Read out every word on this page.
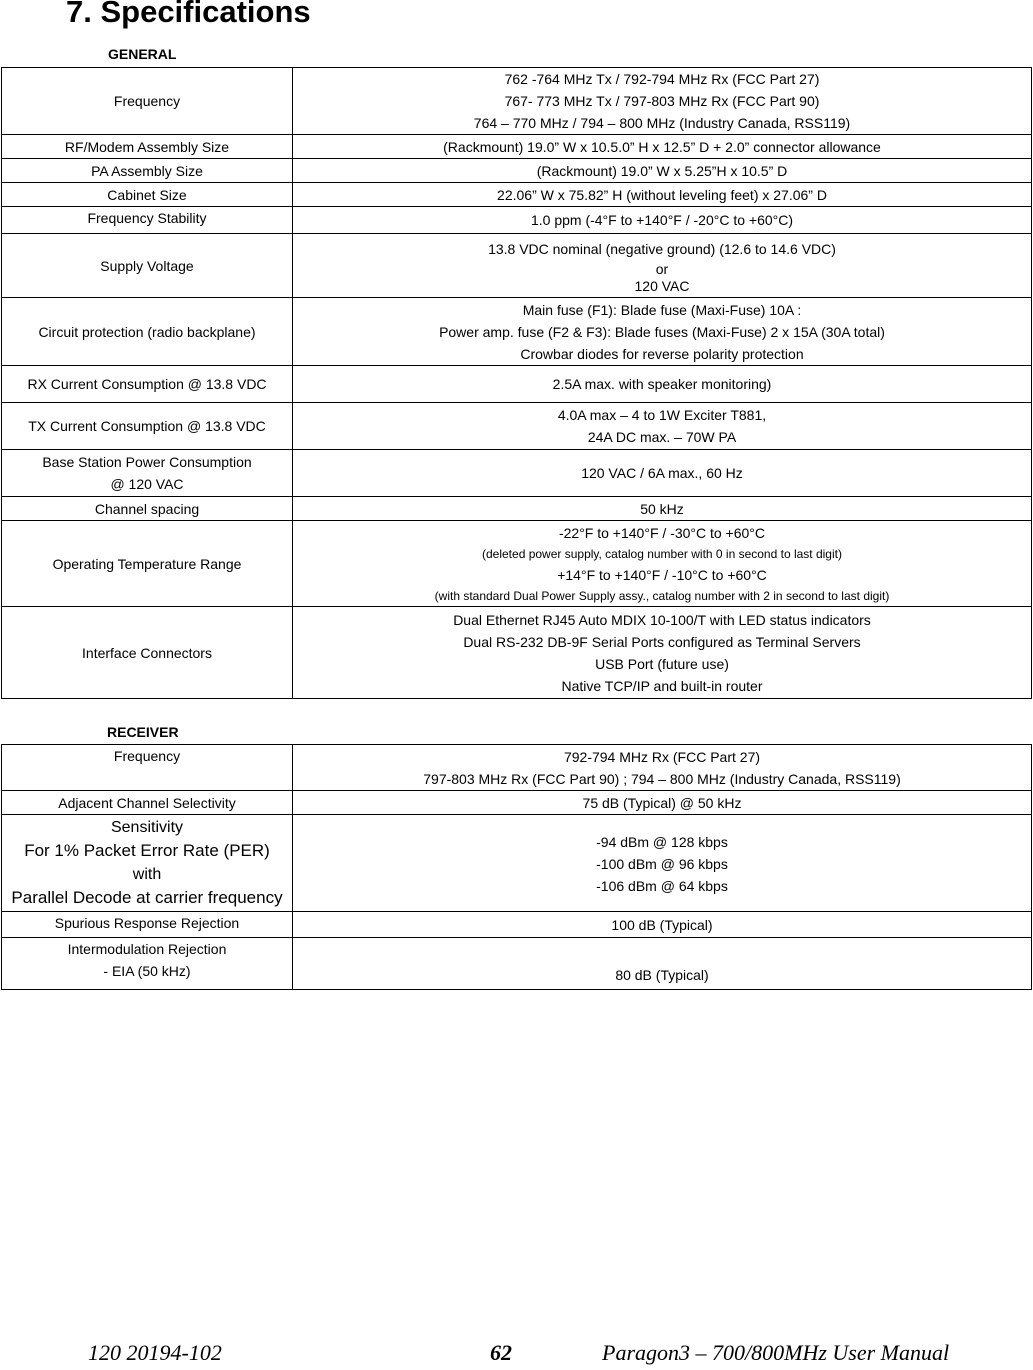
7. Specifications
GENERAL
Frequency	762 -764 MHz Tx / 792-794 MHz Rx (FCC Part 27)
767- 773 MHz Tx / 797-803 MHz Rx (FCC Part 90)
764 – 770 MHz / 794 – 800 MHz (Industry Canada, RSS119)

RF/Modem Assembly Size	(Rackmount) 19.0” W x 10.5.0” H x 12.5” D + 2.0” connector allowance
PA Assembly Size	(Rackmount) 19.0” W x 5.25”H x 10.5” D
Cabinet Size	22.06” W x 75.82” H (without leveling feet) x 27.06” D
Frequency Stability	1.0 ppm (-4°F to +140°F / -20°C to +60°C)
Supply Voltage	13.8 VDC nominal (negative ground) (12.6 to 14.6 VDC)
or
120 VAC

Circuit protection (radio backplane)	Main fuse (F1): Blade fuse (Maxi-Fuse) 10A :
Power amp. fuse (F2 & F3): Blade fuses (Maxi-Fuse) 2 x 15A (30A total)
Crowbar diodes for reverse polarity protection

RX Current Consumption @ 13.8 VDC	2.5A max. with speaker monitoring)
TX Current Consumption @ 13.8 VDC	4.0A max – 4 to 1W Exciter T881,
24A DC max. – 70W PA

Base Station Power Consumption
@ 120 VAC	120 VAC / 6A max., 60 Hz
Channel spacing	50 kHz
Operating Temperature Range	-22°F to +140°F / -30°C to +60°C
(deleted power supply, catalog number with 0 in second to last digit)
+14°F to +140°F / -10°C to +60°C
(with standard Dual Power Supply assy., catalog number with 2 in second to last digit)

Interface Connectors	Dual Ethernet RJ45 Auto MDIX 10-100/T with LED status indicators
Dual RS-232 DB-9F Serial Ports configured as Terminal Servers
USB Port (future use)
Native TCP/IP and built-in router
RECEIVER
Frequency	792-794 MHz Rx (FCC Part 27)
797-803 MHz Rx (FCC Part 90) ; 794 – 800 MHz (Industry Canada, RSS119)

Adjacent Channel Selectivity	75 dB (Typical) @ 50 kHz

Sensitivity
For 1% Packet Error Rate (PER)
with
Parallel Decode at carrier frequency	-94 dBm @ 128 kbps
-100 dBm @ 96 kbps
-106 dBm @ 64 kbps

Spurious Response Rejection	100 dB (Typical)

Intermodulation Rejection
- EIA (50 kHz)	80 dB (Typical)
120 20194-102	62	Paragon3 – 700/800MHz User Manual
